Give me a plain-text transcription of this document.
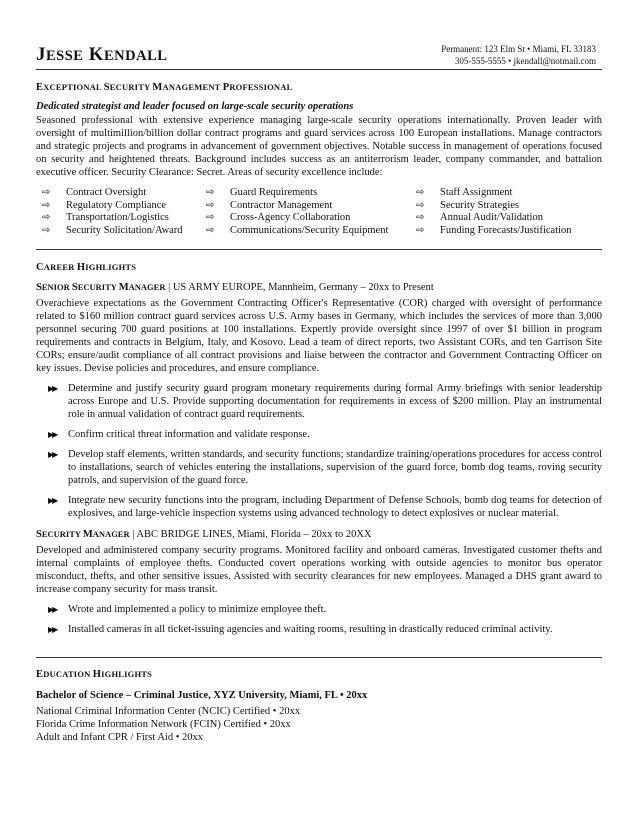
JESSE KENDALL	Permanent: 123 Elm St • Miami, FL 33183
305-555-5555 • jkendall@notmail.com
EXCEPTIONAL SECURITY MANAGEMENT PROFESSIONAL
Dedicated strategist and leader focused on large-scale security operations
Seasoned professional with extensive experience managing large-scale security operations internationally. Proven leader with oversight of multimillion/billion dollar contract programs and guard services across 100 European installations. Manage contractors and strategic projects and programs in advancement of government objectives. Notable success in management of operations focused on security and heightened threats. Background includes success as an antiterrorism leader, company commander, and battalion executive officer. Security Clearance: Secret. Areas of security excellence include:
⇨ Contract Oversight
⇨ Regulatory Compliance
⇨ Transportation/Logistics
⇨ Security Solicitation/Award
⇨ Guard Requirements
⇨ Contractor Management
⇨ Cross-Agency Collaboration
⇨ Communications/Security Equipment
⇨ Staff Assignment
⇨ Security Strategies
⇨ Annual Audit/Validation
⇨ Funding Forecasts/Justification
CAREER HIGHLIGHTS
SENIOR SECURITY MANAGER | US ARMY EUROPE, Mannheim, Germany – 20xx to Present
Overachieve expectations as the Government Contracting Officer's Representative (COR) charged with oversight of performance related to $160 million contract guard services across U.S. Army bases in Germany, which includes the services of more than 3,000 personnel securing 700 guard positions at 100 installations. Expertly provide oversight since 1997 of over $1 billion in program requirements and contracts in Belgium, Italy, and Kosovo. Lead a team of direct reports, two Assistant CORs, and ten Garrison Site CORs; ensure/audit compliance of all contract provisions and liaise between the contractor and Government Contracting Officer on key issues. Devise policies and procedures, and ensure compliance.
▶▶ Determine and justify security guard program monetary requirements during formal Army briefings with senior leadership across Europe and U.S. Provide supporting documentation for requirements in excess of $200 million. Play an instrumental role in annual validation of contract guard requirements.
▶▶ Confirm critical threat information and validate response.
▶▶ Develop staff elements, written standards, and security functions; standardize training/operations procedures for access control to installations, search of vehicles entering the installations, supervision of the guard force, bomb dog teams, roving security patrols, and supervision of the guard force.
▶▶ Integrate new security functions into the program, including Department of Defense Schools, bomb dog teams for detection of explosives, and large-vehicle inspection systems using advanced technology to detect explosives or nuclear material.
SECURITY MANAGER | ABC BRIDGE LINES, Miami, Florida – 20xx to 20XX
Developed and administered company security programs. Monitored facility and onboard cameras. Investigated customer thefts and internal complaints of employee thefts. Conducted covert operations working with outside agencies to monitor bus operator misconduct, thefts, and other sensitive issues. Assisted with security clearances for new employees. Managed a DHS grant award to increase company security for mass transit.
▶▶ Wrote and implemented a policy to minimize employee theft.
▶▶ Installed cameras in all ticket-issuing agencies and waiting rooms, resulting in drastically reduced criminal activity.
EDUCATION HIGHLIGHTS
Bachelor of Science – Criminal Justice, XYZ University, Miami, FL • 20xx
National Criminal Information Center (NCIC) Certified • 20xx
Florida Crime Information Network (FCIN) Certified • 20xx
Adult and Infant CPR / First Aid • 20xx
